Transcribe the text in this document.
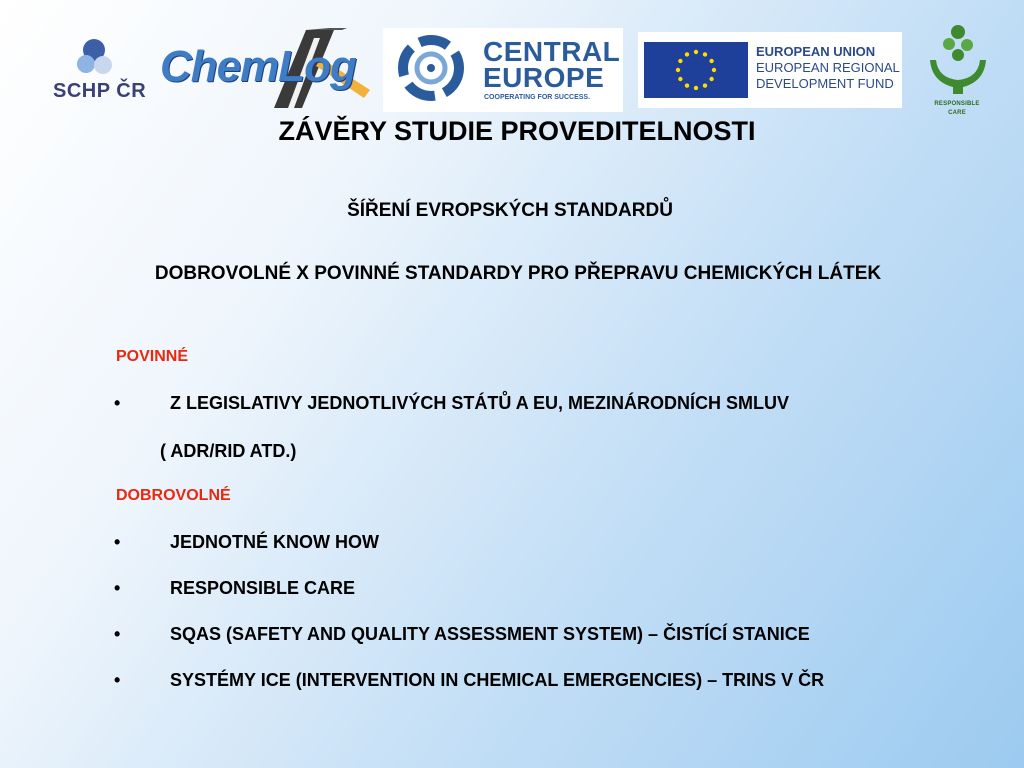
SCHP ČR ChemLog	CENTRAL
EUROPE
COOPERATING FOR SUCCESS.
EUROPEAN UNION
EUROPEAN REGIONAL
DEVELOPMENT FUND
RESPONSIBLE
CARE
ZÁVĚRY STUDIE PROVEDITELNOSTI
ŠÍŘENÍ EVROPSKÝCH STANDARDŮ
DOBROVOLNÉ X POVINNÉ STANDARDY PRO PŘEPRAVU CHEMICKÝCH LÁTEK
POVINNÉ
•	Z LEGISLATIVY JEDNOTLIVÝCH STÁTŮ A EU, MEZINÁRODNÍCH SMLUV
( ADR/RID ATD.)
DOBROVOLNÉ
•	JEDNOTNÉ KNOW HOW
•	RESPONSIBLE CARE
•	SQAS (SAFETY AND QUALITY ASSESSMENT SYSTEM) – ČISTÍCÍ STANICE
•	SYSTÉMY ICE (INTERVENTION IN CHEMICAL EMERGENCIES) – TRINS V ČR
